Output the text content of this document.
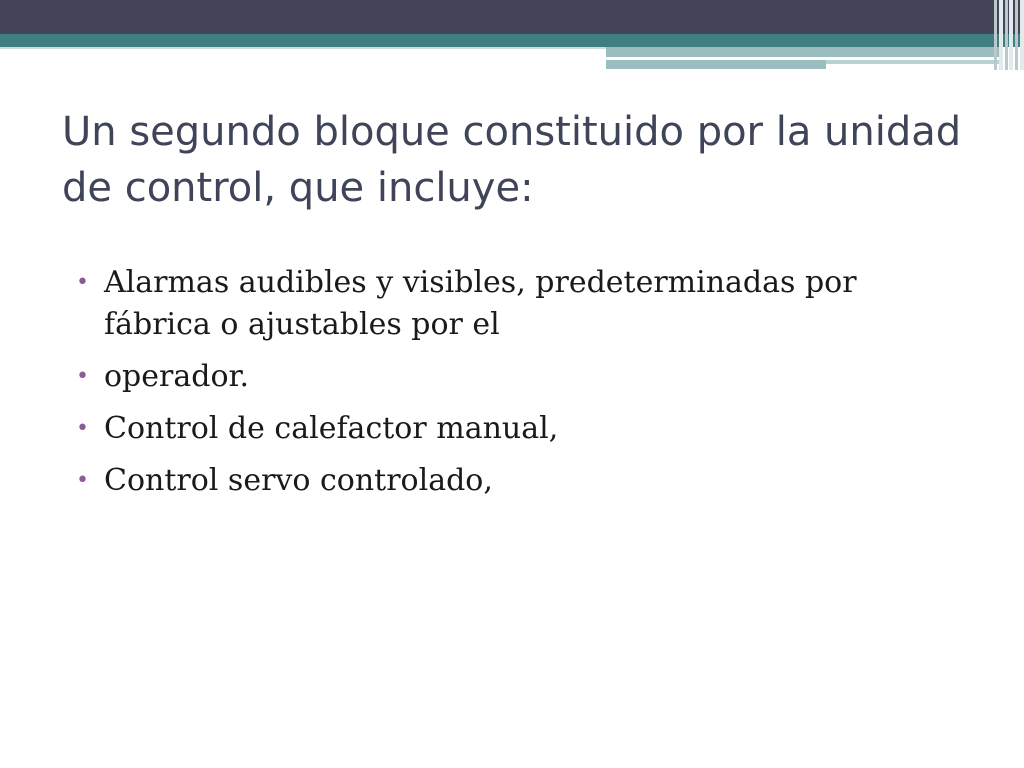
Un segundo bloque constituido por la unidad de control, que incluye:
• Alarmas audibles y visibles, predeterminadas por fábrica o ajustables por el
• operador.
• Control de calefactor manual,
• Control servo controlado,
